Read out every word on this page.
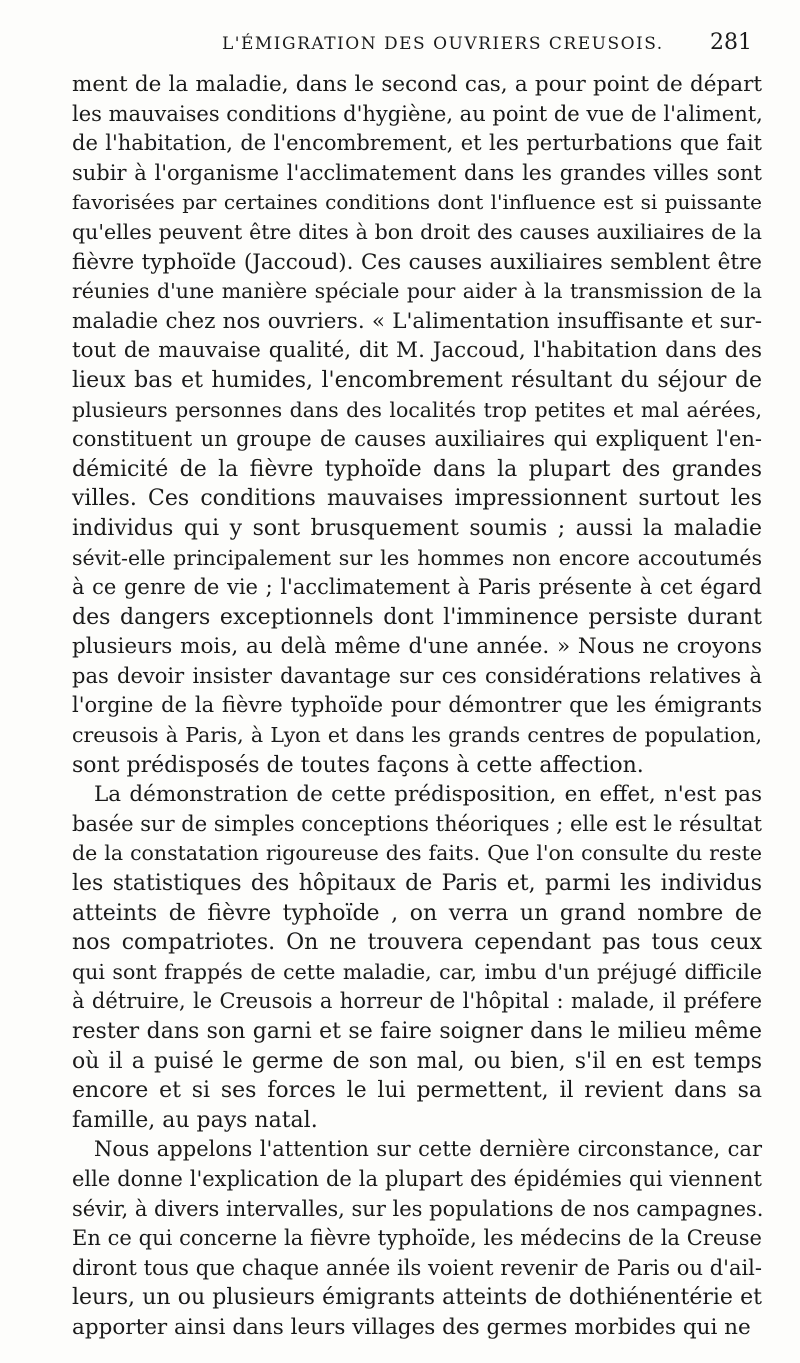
L'ÉMIGRATION DES OUVRIERS CREUSOIS. 281
ment de la maladie, dans le second cas, a pour point de départ
les mauvaises conditions d'hygiène, au point de vue de l'aliment,
de l'habitation, de l'encombrement, et les perturbations que fait
subir à l'organisme l'acclimatement dans les grandes villes sont
favorisées par certaines conditions dont l'influence est si puissante
qu'elles peuvent être dites à bon droit des causes auxiliaires de la
fièvre typhoïde (Jaccoud). Ces causes auxiliaires semblent être
réunies d'une manière spéciale pour aider à la transmission de la
maladie chez nos ouvriers. « L'alimentation insuffisante et sur-
tout de mauvaise qualité, dit M. Jaccoud, l'habitation dans des
lieux bas et humides, l'encombrement résultant du séjour de
plusieurs personnes dans des localités trop petites et mal aérées,
constituent un groupe de causes auxiliaires qui expliquent l'en-
démicité de la fièvre typhoïde dans la plupart des grandes
villes. Ces conditions mauvaises impressionnent surtout les
individus qui y sont brusquement soumis ; aussi la maladie
sévit-elle principalement sur les hommes non encore accoutumés
à ce genre de vie ; l'acclimatement à Paris présente à cet égard
des dangers exceptionnels dont l'imminence persiste durant
plusieurs mois, au delà même d'une année. » Nous ne croyons
pas devoir insister davantage sur ces considérations relatives à
l'orgine de la fièvre typhoïde pour démontrer que les émigrants
creusois à Paris, à Lyon et dans les grands centres de population,
sont prédisposés de toutes façons à cette affection.
La démonstration de cette prédisposition, en effet, n'est pas
basée sur de simples conceptions théoriques ; elle est le résultat
de la constatation rigoureuse des faits. Que l'on consulte du reste
les statistiques des hôpitaux de Paris et, parmi les individus
atteints de fièvre typhoïde , on verra un grand nombre de
nos compatriotes. On ne trouvera cependant pas tous ceux
qui sont frappés de cette maladie, car, imbu d'un préjugé difficile
à détruire, le Creusois a horreur de l'hôpital : malade, il préfere
rester dans son garni et se faire soigner dans le milieu même
où il a puisé le germe de son mal, ou bien, s'il en est temps
encore et si ses forces le lui permettent, il revient dans sa
famille, au pays natal.
Nous appelons l'attention sur cette dernière circonstance, car
elle donne l'explication de la plupart des épidémies qui viennent
sévir, à divers intervalles, sur les populations de nos campagnes.
En ce qui concerne la fièvre typhoïde, les médecins de la Creuse
diront tous que chaque année ils voient revenir de Paris ou d'ail-
leurs, un ou plusieurs émigrants atteints de dothiénentérie et
apporter ainsi dans leurs villages des germes morbides qui ne
